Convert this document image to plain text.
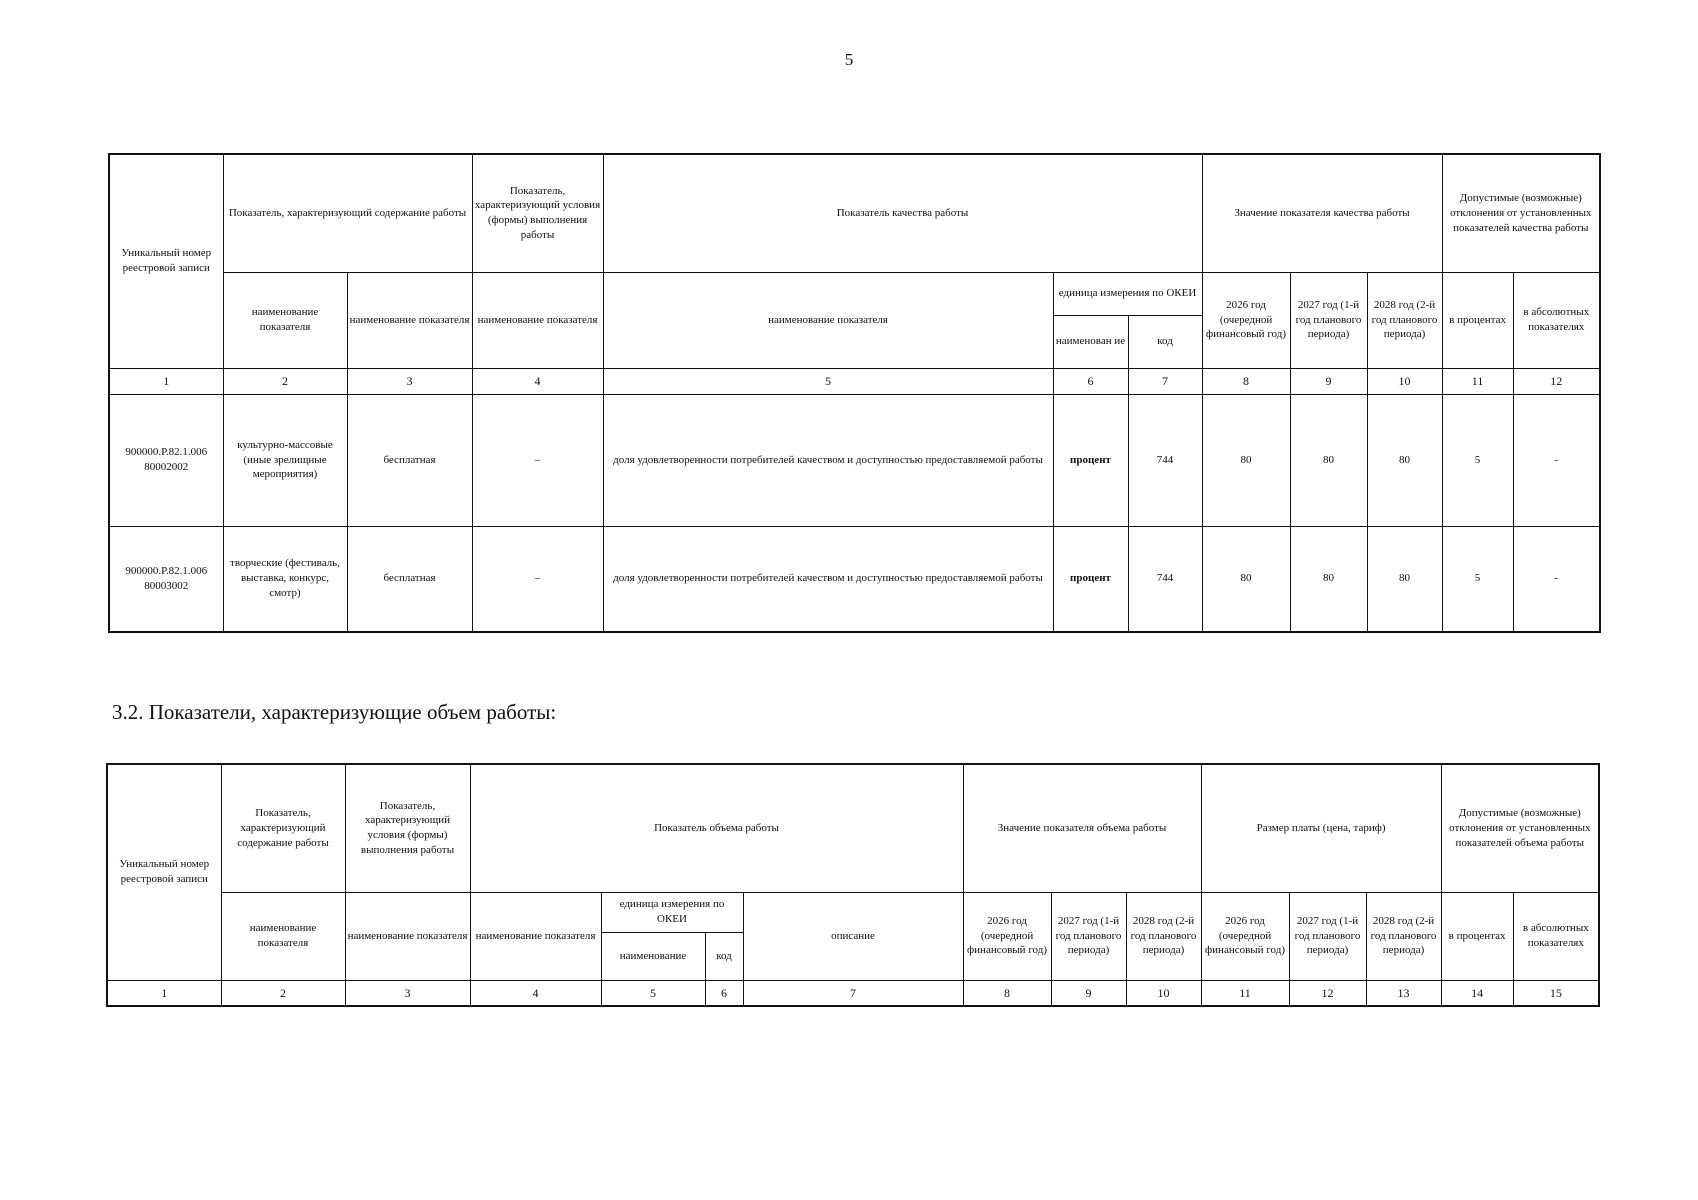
5
Уникальный номер реестровой записи	Показатель, характеризующий содержание работы		Показатель, характеризующий условия (формы) выполнения работы	Показатель качества работы			Значение показателя качества работы			Допустимые (возможные) отклонения от установленных показателей качества работы	
	наименование показателя	наименование показателя	наименование показателя	наименование показателя	единица измерения по ОКЕИ		2026 год (очередной финансовый год)	2027 год (1-й год планового периода)	2028 год (2-й год планового периода)	в процентах	в абсолютных показателях
					наименован ие	код					
1	2	3	4	5	6	7	8	9	10	11	12
900000.Р.82.1.006 80002002	культурно-массовые (иные зрелищные мероприятия)	бесплатная	–	доля удовлетворенности потребителей качеством и доступностью предоставляемой работы	процент	744	80	80	80	5	-
900000.Р.82.1.006 80003002	творческие (фестиваль, выставка, конкурс, смотр)	бесплатная	–	доля удовлетворенности потребителей качеством и доступностью предоставляемой работы	процент	744	80	80	80	5	-
3.2. Показатели, характеризующие объем работы:
Уникальный номер реестровой записи	Показатель, характеризующий содержание работы	Показатель, характеризующий условия (формы) выполнения работы	Показатель объема работы				Значение показателя объема работы			Размер платы (цена, тариф)			Допустимые (возможные) отклонения от установленных показателей объема работы	
	наименование показателя	наименование показателя	наименование показателя	единица измерения по ОКЕИ		описание	2026 год (очередной финансовый год)	2027 год (1-й год планового периода)	2028 год (2-й год планового периода)	2026 год (очередной финансовый год)	2027 год (1-й год планового периода)	2028 год (2-й год планового периода)	в процентах	в абсолютных показателях
				наименование	код									
1	2	3	4	5	6	7	8	9	10	11	12	13	14	15
